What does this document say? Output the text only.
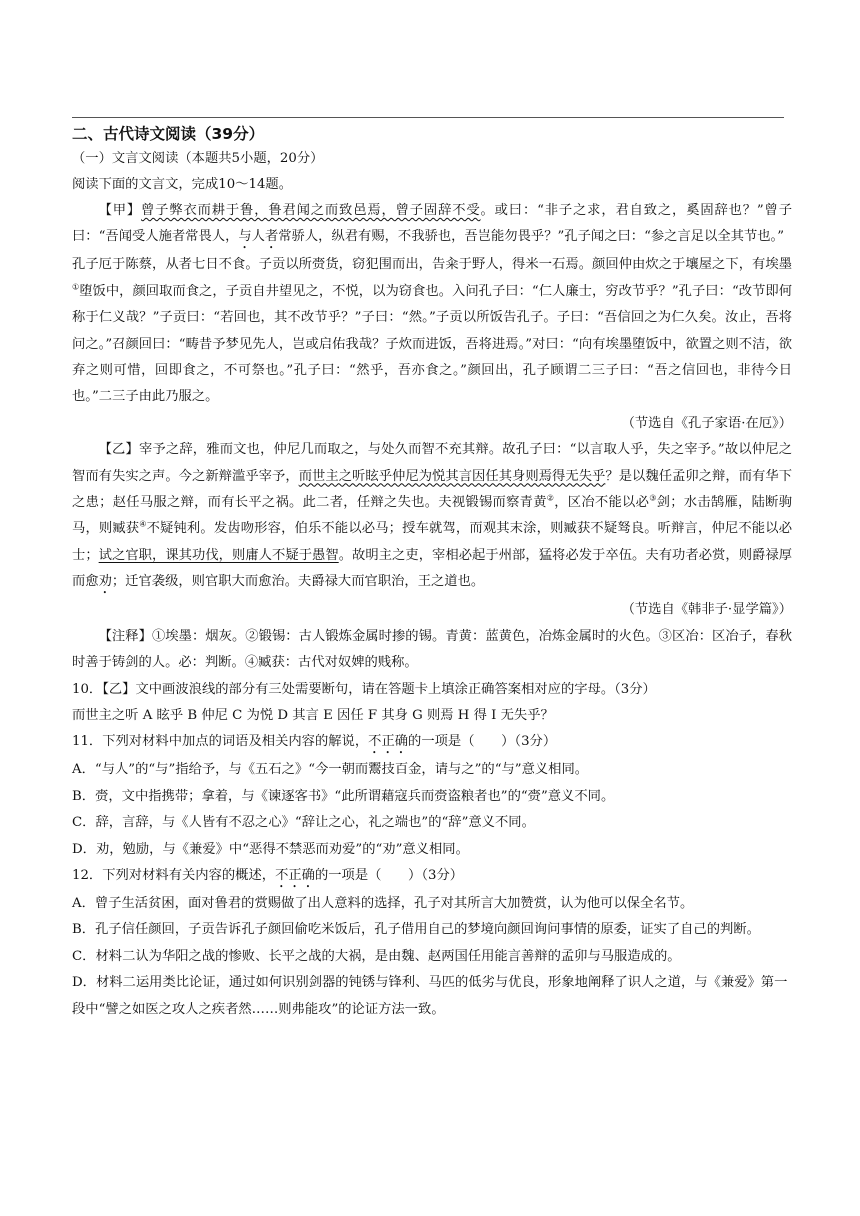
二、古代诗文阅读（39分）

（一）文言文阅读（本题共5小题，20分）

阅读下面的文言文，完成10～14题。

【甲】曾子弊衣而耕于鲁，鲁君闻之而致邑焉，曾子固辞不受。或曰：“非子之求，君自致之，奚固辞也？”曾子曰：“吾闻受人施者常畏人，与人者常骄人，纵君有赐，不我骄也，吾岂能勿畏乎？”孔子闻之曰：“参之言足以全其节也。”

孔子厄于陈蔡，从者七日不食。子贡以所赍货，窃犯围而出，告籴于野人，得米一石焉。颜回仲由炊之于壤屋之下，有埃墨①堕饭中，颜回取而食之，子贡自井望见之，不悦，以为窃食也。入问孔子曰：“仁人廉士，穷改节乎？”孔子曰：“改节即何称于仁义哉？”子贡曰：“若回也，其不改节乎？”子曰：“然。”子贡以所饭告孔子。子曰：“吾信回之为仁久矣。汝止，吾将问之。”召颜回曰：“畴昔予梦见先人，岂或启佑我哉？子炊而进饭，吾将进焉。”对曰：“向有埃墨堕饭中，欲置之则不洁，欲弃之则可惜，回即食之，不可祭也。”孔子曰：“然乎，吾亦食之。”颜回出，孔子顾谓二三子曰：“吾之信回也，非待今日也。”二三子由此乃服之。

（节选自《孔子家语·在厄》）

【乙】宰予之辞，雅而文也，仲尼几而取之，与处久而智不充其辩。故孔子曰：“以言取人乎，失之宰予。”故以仲尼之智而有失实之声。今之新辩滥乎宰予，而世主之听眩乎仲尼为悦其言因任其身则焉得无失乎？是以魏任孟卯之辩，而有华下之患；赵任马服之辩，而有长平之祸。此二者，任辩之失也。夫视锻锡而察青黄②，区冶不能以必③剑；水击鹄雁，陆断驹马，则臧获④不疑钝利。发齿吻形容，伯乐不能以必马；授车就驾，而观其末涂，则臧获不疑驽良。听辩言，仲尼不能以必士；试之官职，课其功伐，则庸人不疑于愚智。故明主之吏，宰相必起于州部，猛将必发于卒伍。夫有功者必赏，则爵禄厚而愈劝；迁官袭级，则官职大而愈治。夫爵禄大而官职治，王之道也。

（节选自《韩非子·显学篇》）

【注释】①埃墨：烟灰。②锻锡：古人锻炼金属时掺的锡。青黄：蓝黄色，冶炼金属时的火色。③区冶：区冶子，春秋时善于铸剑的人。必：判断。④臧获：古代对奴婢的贱称。

10．【乙】文中画波浪线的部分有三处需要断句，请在答题卡上填涂正确答案相对应的字母。（3分）

而世主之听 A 眩乎 B 仲尼 C 为悦 D 其言 E 因任 F 其身 G 则焉 H 得 I 无失乎？

11．下列对材料中加点的词语及相关内容的解说，不正确的一项是（　　）（3分）

A．“与人”的“与”指给予，与《五石之》“今一朝而鬻技百金，请与之”的“与”意义相同。

B．赍，文中指携带；拿着，与《谏逐客书》“此所谓藉寇兵而赍盗粮者也”的“赍”意义不同。

C．辞，言辞，与《人皆有不忍之心》“辞让之心，礼之端也”的“辞”意义不同。

D．劝，勉励，与《兼爱》中“恶得不禁恶而劝爱”的“劝”意义相同。

12．下列对材料有关内容的概述，不正确的一项是（　　）（3分）

A．曾子生活贫困，面对鲁君的赏赐做了出人意料的选择，孔子对其所言大加赞赏，认为他可以保全名节。

B．孔子信任颜回，子贡告诉孔子颜回偷吃米饭后，孔子借用自己的梦境向颜回询问事情的原委，证实了自己的判断。

C．材料二认为华阳之战的惨败、长平之战的大祸，是由魏、赵两国任用能言善辩的孟卯与马服造成的。

D．材料二运用类比论证，通过如何识别剑器的钝锈与锋利、马匹的低劣与优良，形象地阐释了识人之道，与《兼爱》第一段中“譬之如医之攻人之疾者然……则弗能攻”的论证方法一致。
